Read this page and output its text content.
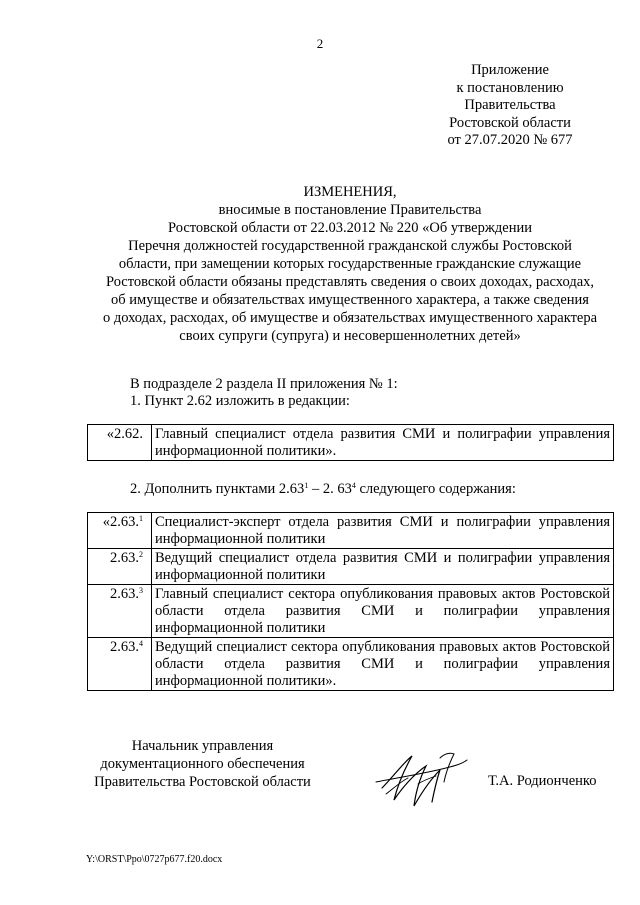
2
Приложение
к постановлению
Правительства
Ростовской области
от 27.07.2020 № 677
ИЗМЕНЕНИЯ,
вносимые в постановление Правительства
Ростовской области от 22.03.2012 № 220 «Об утверждении
Перечня должностей государственной гражданской службы Ростовской
области, при замещении которых государственные гражданские служащие
Ростовской области обязаны представлять сведения о своих доходах, расходах,
об имуществе и обязательствах имущественного характера, а также сведения
о доходах, расходах, об имуществе и обязательствах имущественного характера
своих супруги (супруга) и несовершеннолетних детей»
В подразделе 2 раздела II приложения № 1:
1. Пункт 2.62 изложить в редакции:
«2.62.	Главный специалист отдела развития СМИ и полиграфии управления информационной политики».
2. Дополнить пунктами 2.63$^1$ – 2. $63^4$ следующего содержания:
«2.63.$^1$	Специалист-эксперт отдела развития СМИ и полиграфии управления информационной политики
2.63.$^2$	Ведущий специалист отдела развития СМИ и полиграфии управления информационной политики
2.63.$^3$	Главный специалист сектора опубликования правовых актов Ростовской области отдела развития СМИ и полиграфии управления информационной политики
2.63.$^4$	Ведущий специалист сектора опубликования правовых актов Ростовской области отдела развития СМИ и полиграфии управления информационной политики».
Начальник управления
документационного обеспечения
Правительства Ростовской области	Т.А. Родионченко
Y:\ORST\Ppo\0727p677.f20.docx
